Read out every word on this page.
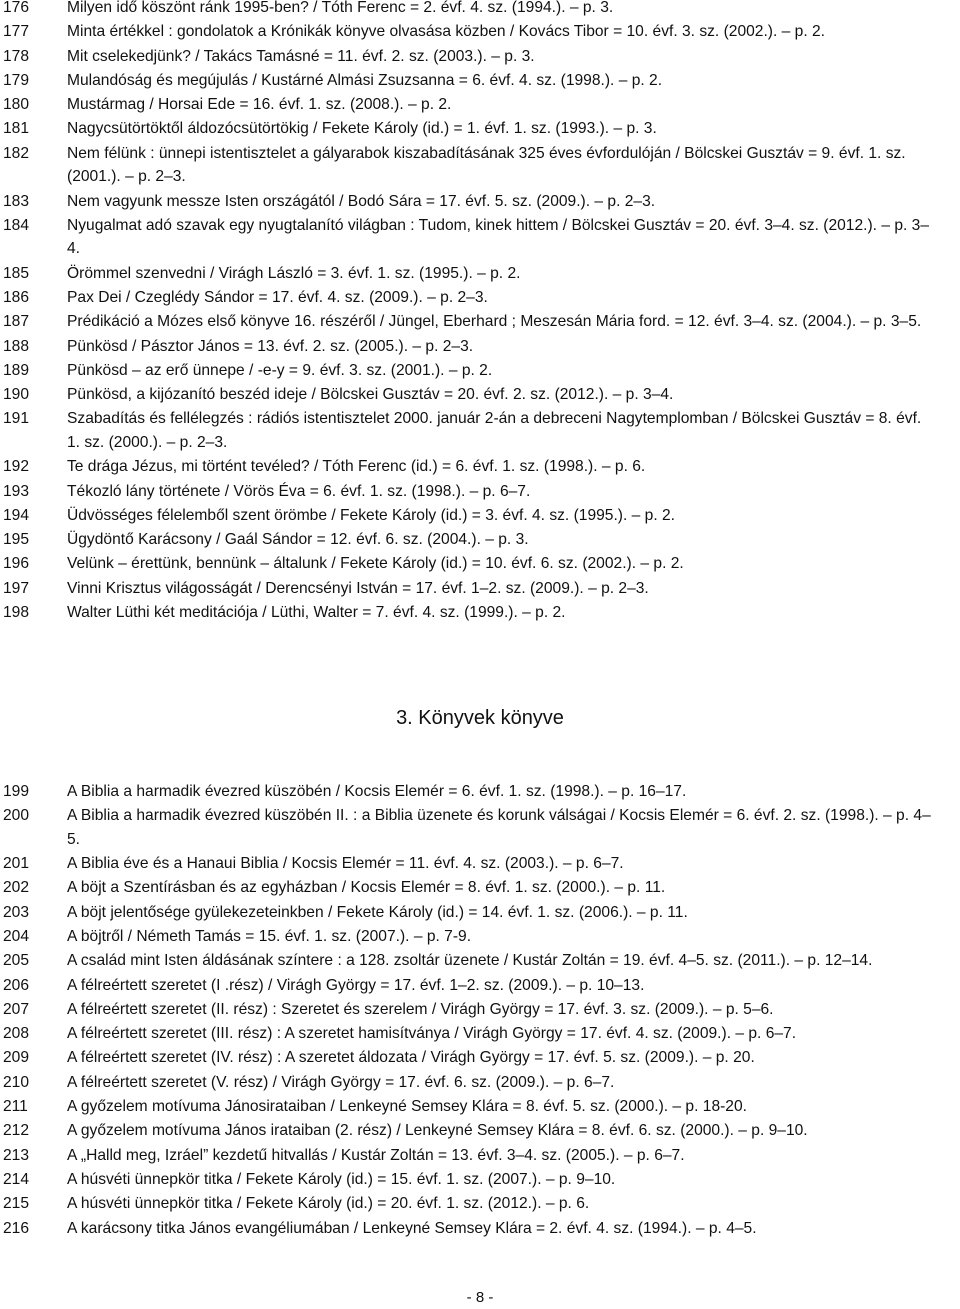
176	Milyen idő köszönt ránk 1995-ben? / Tóth Ferenc = 2. évf. 4. sz. (1994.). – p. 3.
177	Minta értékkel : gondolatok a Krónikák könyve olvasása közben / Kovács Tibor = 10. évf. 3. sz. (2002.). – p. 2.
178	Mit cselekedjünk? / Takács Tamásné = 11. évf. 2. sz. (2003.). – p. 3.
179	Mulandóság és megújulás / Kustárné Almási Zsuzsanna = 6. évf. 4. sz. (1998.). – p. 2.
180	Mustármag / Horsai Ede = 16. évf. 1. sz. (2008.). – p. 2.
181	Nagycsütörtöktől áldozócsütörtökig / Fekete Károly (id.) = 1. évf. 1. sz. (1993.). – p. 3.
182	Nem félünk : ünnepi istentisztelet a gályarabok kiszabadításának 325 éves évfordulóján / Bölcskei Gusztáv = 9. évf. 1. sz. (2001.). – p. 2–3.
183	Nem vagyunk messze Isten országától / Bodó Sára = 17. évf. 5. sz. (2009.). – p. 2–3.
184	Nyugalmat adó szavak egy nyugtalanító világban : Tudom, kinek hittem / Bölcskei Gusztáv = 20. évf. 3–4. sz. (2012.). – p. 3–4.
185	Örömmel szenvedni / Virágh László = 3. évf. 1. sz. (1995.). – p. 2.
186	Pax Dei / Czeglédy Sándor = 17. évf. 4. sz. (2009.). – p. 2–3.
187	Prédikáció a Mózes első könyve 16. részéről / Jüngel, Eberhard ; Meszesán Mária ford. = 12. évf. 3–4. sz. (2004.). – p. 3–5.
188	Pünkösd / Pásztor János = 13. évf. 2. sz. (2005.). – p. 2–3.
189	Pünkösd – az erő ünnepe / -e-y = 9. évf. 3. sz. (2001.). – p. 2.
190	Pünkösd, a kijózanító beszéd ideje / Bölcskei Gusztáv = 20. évf. 2. sz. (2012.). – p. 3–4.
191	Szabadítás és fellélegzés : rádiós istentisztelet 2000. január 2-án a debreceni Nagytemplomban / Bölcskei Gusztáv = 8. évf. 1. sz. (2000.). – p. 2–3.
192	Te drága Jézus, mi történt tevéled? / Tóth Ferenc (id.) = 6. évf. 1. sz. (1998.). – p. 6.
193	Tékozló lány története / Vörös Éva = 6. évf. 1. sz. (1998.). – p. 6–7.
194	Üdvösséges félelemből szent örömbe / Fekete Károly (id.) = 3. évf. 4. sz. (1995.). – p. 2.
195	Ügydöntő Karácsony / Gaál Sándor = 12. évf. 6. sz. (2004.). – p. 3.
196	Velünk – érettünk, bennünk – általunk / Fekete Károly (id.) = 10. évf. 6. sz. (2002.). – p. 2.
197	Vinni Krisztus világosságát / Derencsényi István = 17. évf. 1–2. sz. (2009.). – p. 2–3.
198	Walter Lüthi két meditációja / Lüthi, Walter = 7. évf. 4. sz. (1999.). – p. 2.
3. Könyvek könyve
199	A Biblia a harmadik évezred küszöbén / Kocsis Elemér = 6. évf. 1. sz. (1998.). – p. 16–17.
200	A Biblia a harmadik évezred küszöbén II. : a Biblia üzenete és korunk válságai / Kocsis Elemér = 6. évf. 2. sz. (1998.). – p. 4–5.
201	A Biblia éve és a Hanaui Biblia / Kocsis Elemér = 11. évf. 4. sz. (2003.). – p. 6–7.
202	A böjt a Szentírásban és az egyházban / Kocsis Elemér = 8. évf. 1. sz. (2000.). – p. 11.
203	A böjt jelentősége gyülekezeteinkben / Fekete Károly (id.) = 14. évf. 1. sz. (2006.). – p. 11.
204	A böjtről / Németh Tamás = 15. évf. 1. sz. (2007.). – p. 7-9.
205	A család mint Isten áldásának színtere : a 128. zsoltár üzenete / Kustár Zoltán = 19. évf. 4–5. sz. (2011.). – p. 12–14.
206	A félreértett szeretet (I .rész) / Virágh György = 17. évf. 1–2. sz. (2009.). – p. 10–13.
207	A félreértett szeretet (II. rész) : Szeretet és szerelem / Virágh György = 17. évf. 3. sz. (2009.). – p. 5–6.
208	A félreértett szeretet (III. rész) : A szeretet hamisítványa / Virágh György = 17. évf. 4. sz. (2009.). – p. 6–7.
209	A félreértett szeretet (IV. rész) : A szeretet áldozata / Virágh György = 17. évf. 5. sz. (2009.). – p. 20.
210	A félreértett szeretet (V. rész) / Virágh György = 17. évf. 6. sz. (2009.). – p. 6–7.
211	A győzelem motívuma Jánosirataiban / Lenkeyné Semsey Klára = 8. évf. 5. sz. (2000.). – p. 18-20.
212	A győzelem motívuma János irataiban (2. rész) / Lenkeyné Semsey Klára = 8. évf. 6. sz. (2000.). – p. 9–10.
213	A „Halld meg, Izráel” kezdetű hitvallás / Kustár Zoltán = 13. évf. 3–4. sz. (2005.). – p. 6–7.
214	A húsvéti ünnepkör titka / Fekete Károly (id.) = 15. évf. 1. sz. (2007.). – p. 9–10.
215	A húsvéti ünnepkör titka / Fekete Károly (id.) = 20. évf. 1. sz. (2012.). – p. 6.
216	A karácsony titka János evangéliumában / Lenkeyné Semsey Klára = 2. évf. 4. sz. (1994.). – p. 4–5.
- 8 -
